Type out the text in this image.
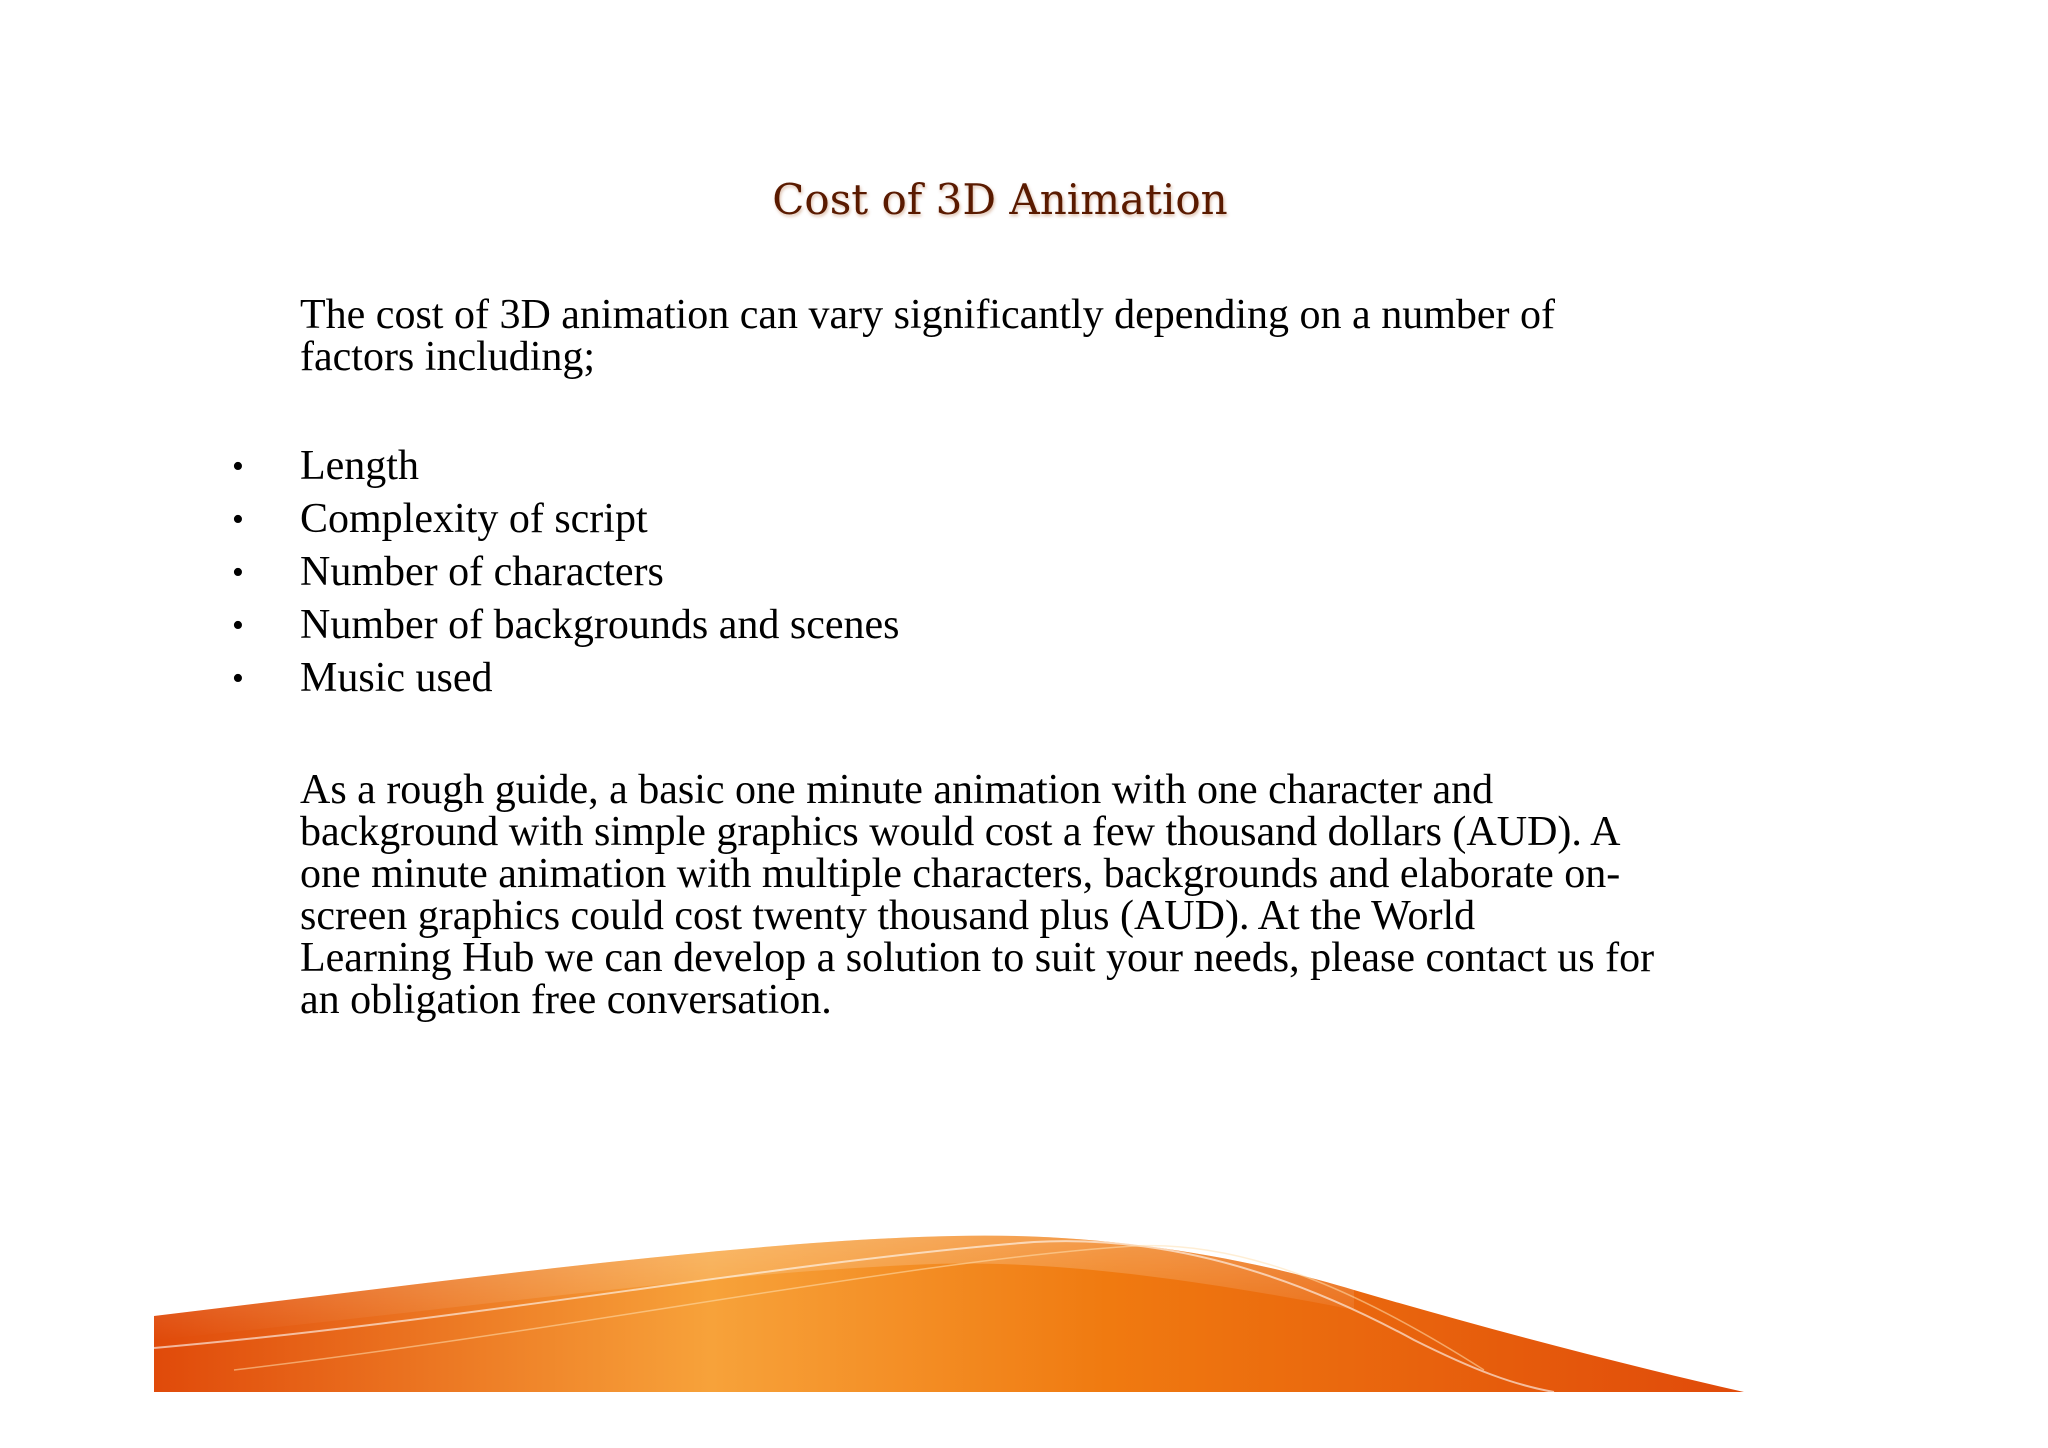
Cost of 3D Animation

The cost of 3D animation can vary significantly depending on a number of
factors including;

• Length
• Complexity of script
• Number of characters
• Number of backgrounds and scenes
• Music used

As a rough guide, a basic one minute animation with one character and
background with simple graphics would cost a few thousand dollars (AUD). A
one minute animation with multiple characters, backgrounds and elaborate on-
screen graphics could cost twenty thousand plus (AUD). At the World
Learning Hub we can develop a solution to suit your needs, please contact us for
an obligation free conversation.
